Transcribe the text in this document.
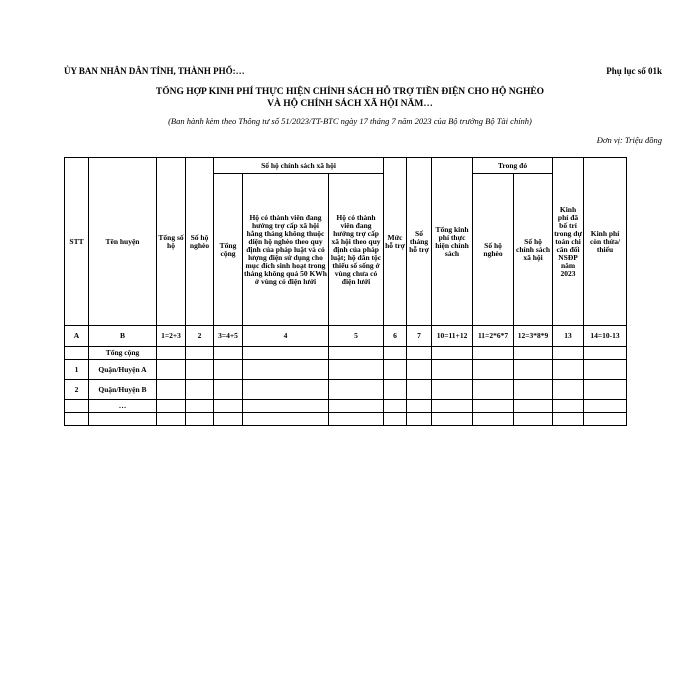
ỦY BAN NHÂN DÂN TỈNH, THÀNH PHỐ:…	Phụ lục số 01k
TỔNG HỢP KINH PHÍ THỰC HIỆN CHÍNH SÁCH HỖ TRỢ TIỀN ĐIỆN CHO HỘ NGHÈO
VÀ HỘ CHÍNH SÁCH XÃ HỘI NĂM…
(Ban hành kèm theo Thông tư số 51/2023/TT-BTC ngày 17 tháng 7 năm 2023 của Bộ trưởng Bộ Tài chính)
Đơn vị: Triệu đồng
STT	Tên huyện	Tổng số hộ	Số hộ nghèo	Số hộ chính sách xã hội			Mức hỗ trợ	Số tháng hỗ trợ	Tổng kinh phí thực hiện chính sách	Trong đó		Kinh phí đã bố trí trong dự toán chi cân đối NSĐP năm 2023	Kinh phí còn thừa/ thiếu
				Tổng cộng	Hộ có thành viên đang hưởng trợ cấp xã hội hằng tháng không thuộc diện hộ nghèo theo quy định của pháp luật và có lượng điện sử dụng cho mục đích sinh hoạt trong tháng không quá 50 KWh ở vùng có điện lưới	Hộ có thành viên đang hưởng trợ cấp xã hội theo quy định của pháp luật; hộ dân tộc thiểu số sống ở vùng chưa có điện lưới				Số hộ nghèo	Số hộ chính sách xã hội		
A	B	1=2+3	2	3=4+5	4	5	6	7	10=11+12	11=2*6*7	12=3*8*9	13	14=10-13
	Tổng cộng												
1	Quận/Huyện A												
2	Quận/Huyện B												
	…												
